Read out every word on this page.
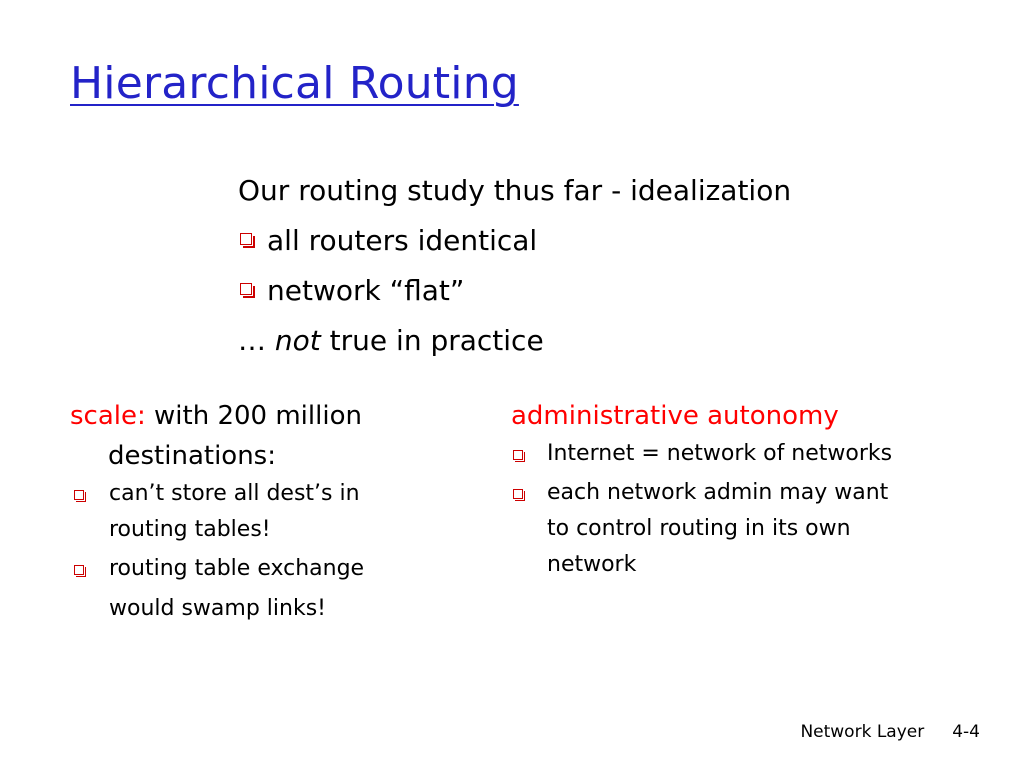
Hierarchical Routing
Our routing study thus far - idealization
all routers identical
network “flat”
… not true in practice
scale: with 200 million
destinations:
can’t store all dest’s in
routing tables!
routing table exchange
would swamp links!
administrative autonomy
Internet = network of networks
each network admin may want
to control routing in its own
network
Network Layer 4-4
